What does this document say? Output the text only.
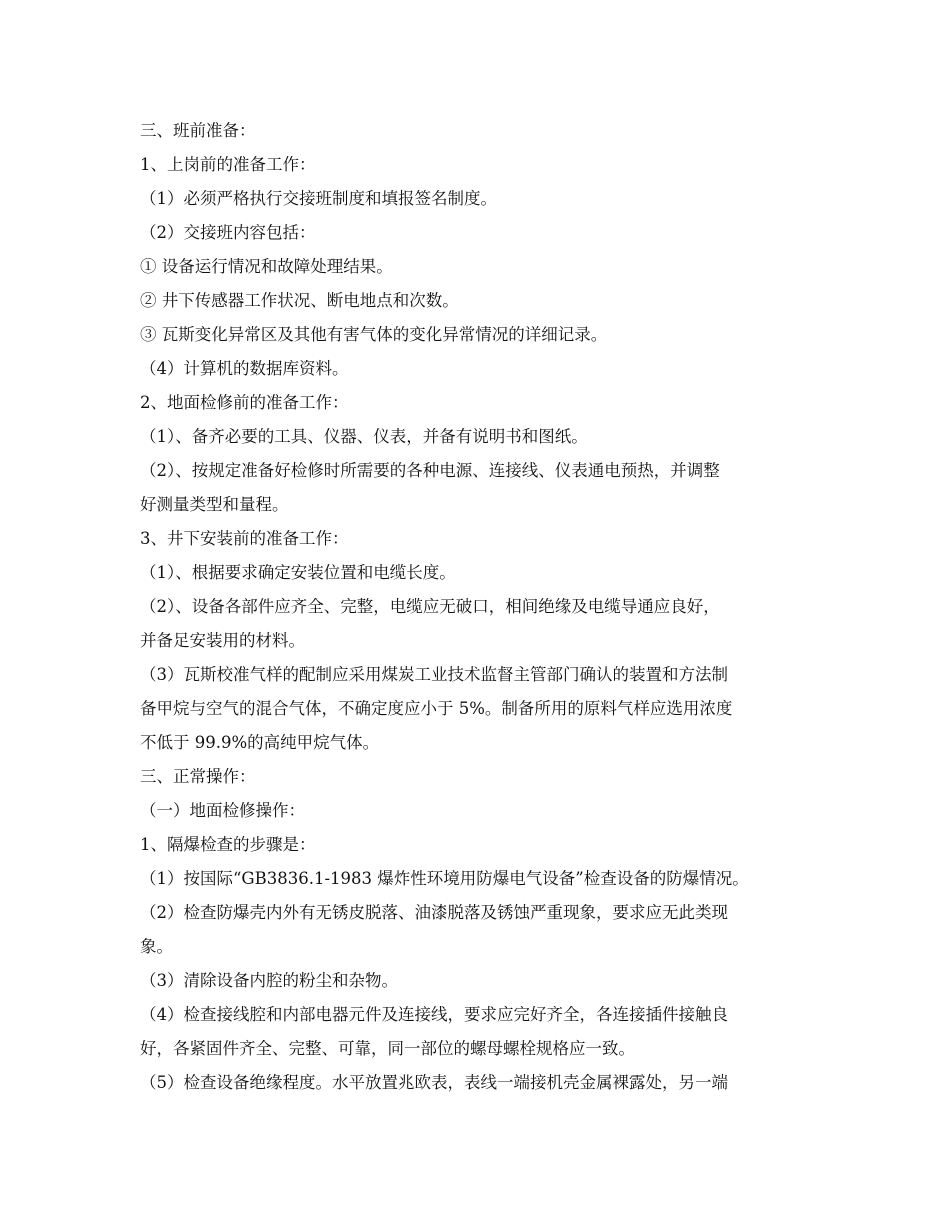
三、班前准备：

1、上岗前的准备工作：

（1）必须严格执行交接班制度和填报签名制度。

（2）交接班内容包括：

① 设备运行情况和故障处理结果。

② 井下传感器工作状况、断电地点和次数。

③ 瓦斯变化异常区及其他有害气体的变化异常情况的详细记录。

（4）计算机的数据库资料。

2、地面检修前的准备工作：

（1）、备齐必要的工具、仪器、仪表，并备有说明书和图纸。

（2）、按规定准备好检修时所需要的各种电源、连接线、仪表通电预热，并调整

好测量类型和量程。

3、井下安装前的准备工作：

（1）、根据要求确定安装位置和电缆长度。

（2）、设备各部件应齐全、完整，电缆应无破口，相间绝缘及电缆导通应良好，

并备足安装用的材料。

（3）瓦斯校准气样的配制应采用煤炭工业技术监督主管部门确认的装置和方法制

备甲烷与空气的混合气体，不确定度应小于 5%。制备所用的原料气样应选用浓度

不低于 99.9%的高纯甲烷气体。

三、正常操作：

（一）地面检修操作：

1、隔爆检查的步骤是：

（1）按国际“GB3836.1-1983 爆炸性环境用防爆电气设备”检查设备的防爆情况。

（2）检查防爆壳内外有无锈皮脱落、油漆脱落及锈蚀严重现象，要求应无此类现

象。

（3）清除设备内腔的粉尘和杂物。

（4）检查接线腔和内部电器元件及连接线，要求应完好齐全，各连接插件接触良

好，各紧固件齐全、完整、可靠，同一部位的螺母螺栓规格应一致。

（5）检查设备绝缘程度。水平放置兆欧表，表线一端接机壳金属裸露处，另一端
